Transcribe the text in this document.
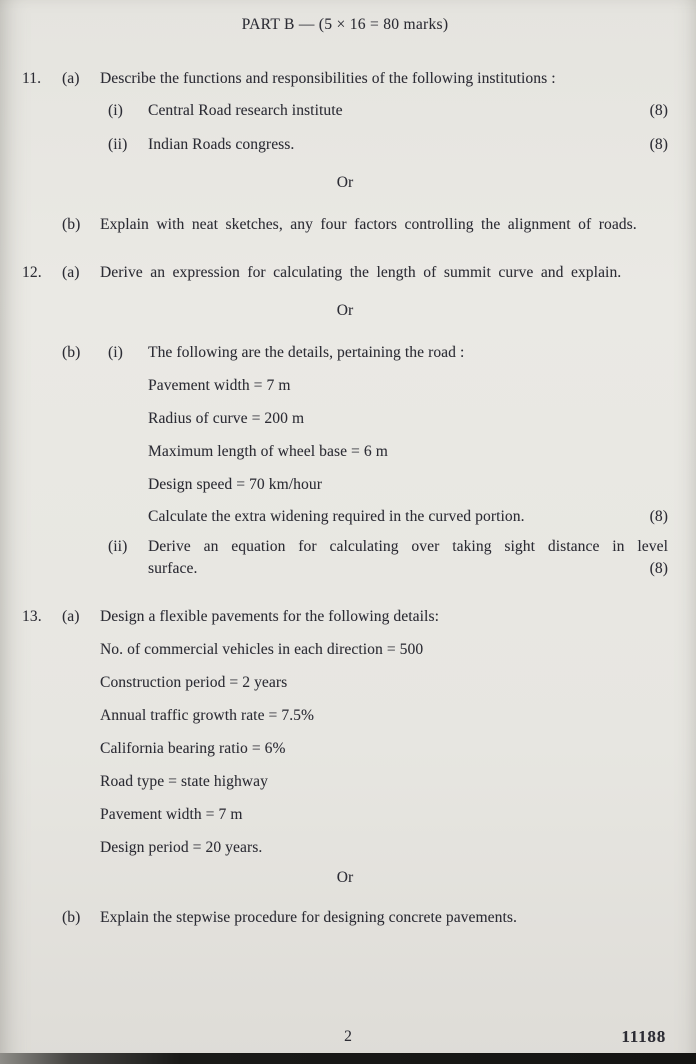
PART B — (5 × 16 = 80 marks)
11.	(a)	Describe the functions and responsibilities of the following institutions :
(i)	Central Road research institute	(8)
(ii)	Indian Roads congress.	(8)
Or
(b)	Explain with neat sketches, any four factors controlling the alignment of roads.
12.	(a)	Derive an expression for calculating the length of summit curve and explain.
Or
(b)	(i)	The following are the details, pertaining the road :
Pavement width = 7 m
Radius of curve = 200 m
Maximum length of wheel base = 6 m
Design speed = 70 km/hour
Calculate the extra widening required in the curved portion.	(8)
(ii)	Derive an equation for calculating over taking sight distance in level surface.	(8)
13.	(a)	Design a flexible pavements for the following details:
No. of commercial vehicles in each direction = 500
Construction period = 2 years
Annual traffic growth rate = 7.5%
California bearing ratio = 6%
Road type = state highway
Pavement width = 7 m
Design period = 20 years.
Or
(b)	Explain the stepwise procedure for designing concrete pavements.
2	11188
